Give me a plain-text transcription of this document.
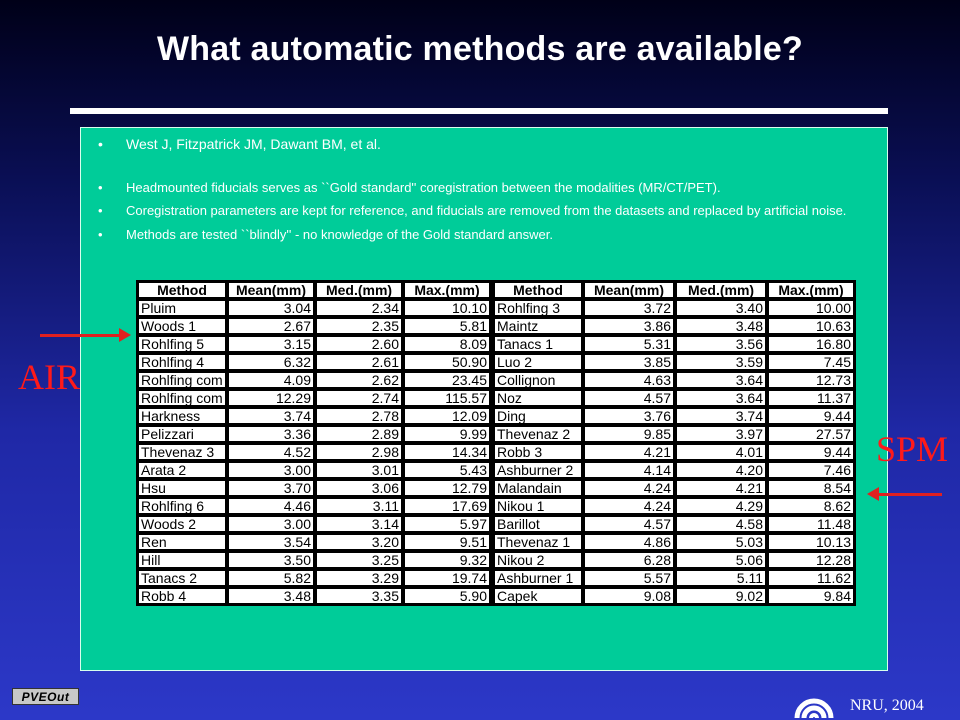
What automatic methods are available?

• West J, Fitzpatrick JM, Dawant BM, et al.

• Headmounted fiducials serves as ``Gold standard'' coregistration between the modalities (MR/CT/PET).

• Coregistration parameters are kept for reference, and fiducials are removed from the datasets and replaced by artificial noise.

• Methods are tested ``blindly'' - no knowledge of the Gold standard answer.

Method	Mean(mm)	Med.(mm)	Max.(mm)		Method	Mean(mm)	Med.(mm)	Max.(mm)
Pluim	3.04	2.34	10.10		Rohlfing 3	3.72	3.40	10.00
Woods 1	2.67	2.35	5.81		Maintz	3.86	3.48	10.63
Rohlfing 5	3.15	2.60	8.09		Tanacs 1	5.31	3.56	16.80
Rohlfing 4	6.32	2.61	50.90		Luo 2	3.85	3.59	7.45
Rohlfing com	4.09	2.62	23.45		Collignon	4.63	3.64	12.73
Rohlfing com	12.29	2.74	115.57		Noz	4.57	3.64	11.37
Harkness	3.74	2.78	12.09		Ding	3.76	3.74	9.44
Pelizzari	3.36	2.89	9.99		Thevenaz 2	9.85	3.97	27.57
Thevenaz 3	4.52	2.98	14.34		Robb 3	4.21	4.01	9.44
Arata 2	3.00	3.01	5.43		Ashburner 2	4.14	4.20	7.46
Hsu	3.70	3.06	12.79		Malandain	4.24	4.21	8.54
Rohlfing 6	4.46	3.11	17.69		Nikou 1	4.24	4.29	8.62
Woods 2	3.00	3.14	5.97		Barillot	4.57	4.58	11.48
Ren	3.54	3.20	9.51		Thevenaz 1	4.86	5.03	10.13
Hill	3.50	3.25	9.32		Nikou 2	6.28	5.06	12.28
Tanacs 2	5.82	3.29	19.74		Ashburner 1	5.57	5.11	11.62
Robb 4	3.48	3.35	5.90		Capek	9.08	9.02	9.84
AIR
SPM
PVEOut
NRU, 2004
